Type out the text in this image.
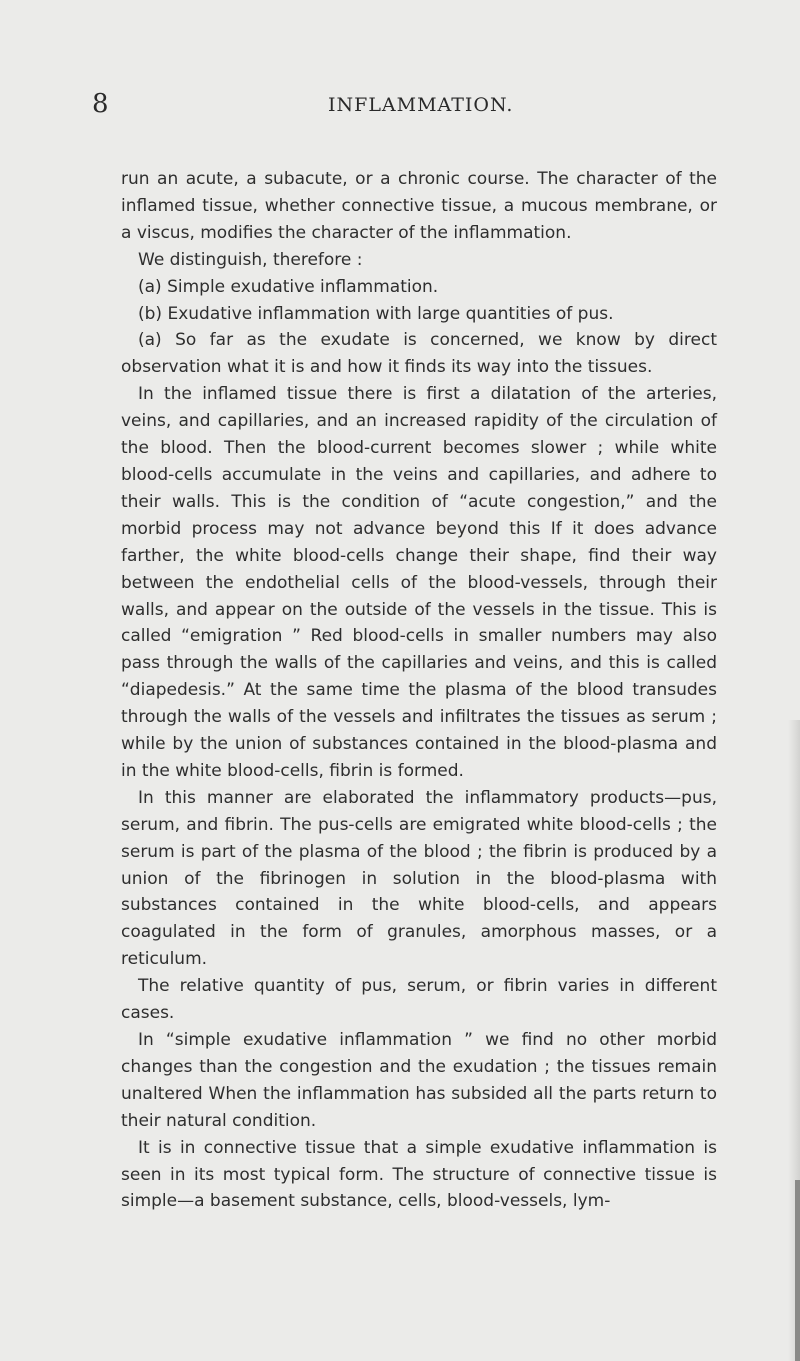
8	INFLAMMATION.

run an acute, a subacute, or a chronic course. The character of the inflamed tissue, whether connective tissue, a mucous membrane, or a viscus, modifies the character of the inflammation.

We distinguish, therefore :

(a) Simple exudative inflammation.

(b) Exudative inflammation with large quantities of pus.

(a) So far as the exudate is concerned, we know by direct observation what it is and how it finds its way into the tissues.

In the inflamed tissue there is first a dilatation of the arteries, veins, and capillaries, and an increased rapidity of the circulation of the blood. Then the blood-current becomes slower ; while white blood-cells accumulate in the veins and capillaries, and adhere to their walls. This is the condition of “acute congestion,” and the morbid process may not advance beyond this If it does advance farther, the white blood-cells change their shape, find their way between the endothelial cells of the blood-vessels, through their walls, and appear on the outside of the vessels in the tissue. This is called “emigration ” Red blood-cells in smaller numbers may also pass through the walls of the capillaries and veins, and this is called “diapedesis.” At the same time the plasma of the blood transudes through the walls of the vessels and infiltrates the tissues as serum ; while by the union of substances contained in the blood-plasma and in the white blood-cells, fibrin is formed.

In this manner are elaborated the inflammatory products—pus, serum, and fibrin. The pus-cells are emigrated white blood-cells ; the serum is part of the plasma of the blood ; the fibrin is produced by a union of the fibrinogen in solution in the blood-plasma with substances contained in the white blood-cells, and appears coagulated in the form of granules, amorphous masses, or a reticulum.

The relative quantity of pus, serum, or fibrin varies in different cases.

In “simple exudative inflammation ” we find no other morbid changes than the congestion and the exudation ; the tissues remain unaltered When the inflammation has subsided all the parts return to their natural condition.

It is in connective tissue that a simple exudative inflammation is seen in its most typical form. The structure of connective tissue is simple—a basement substance, cells, blood-vessels, lym-
